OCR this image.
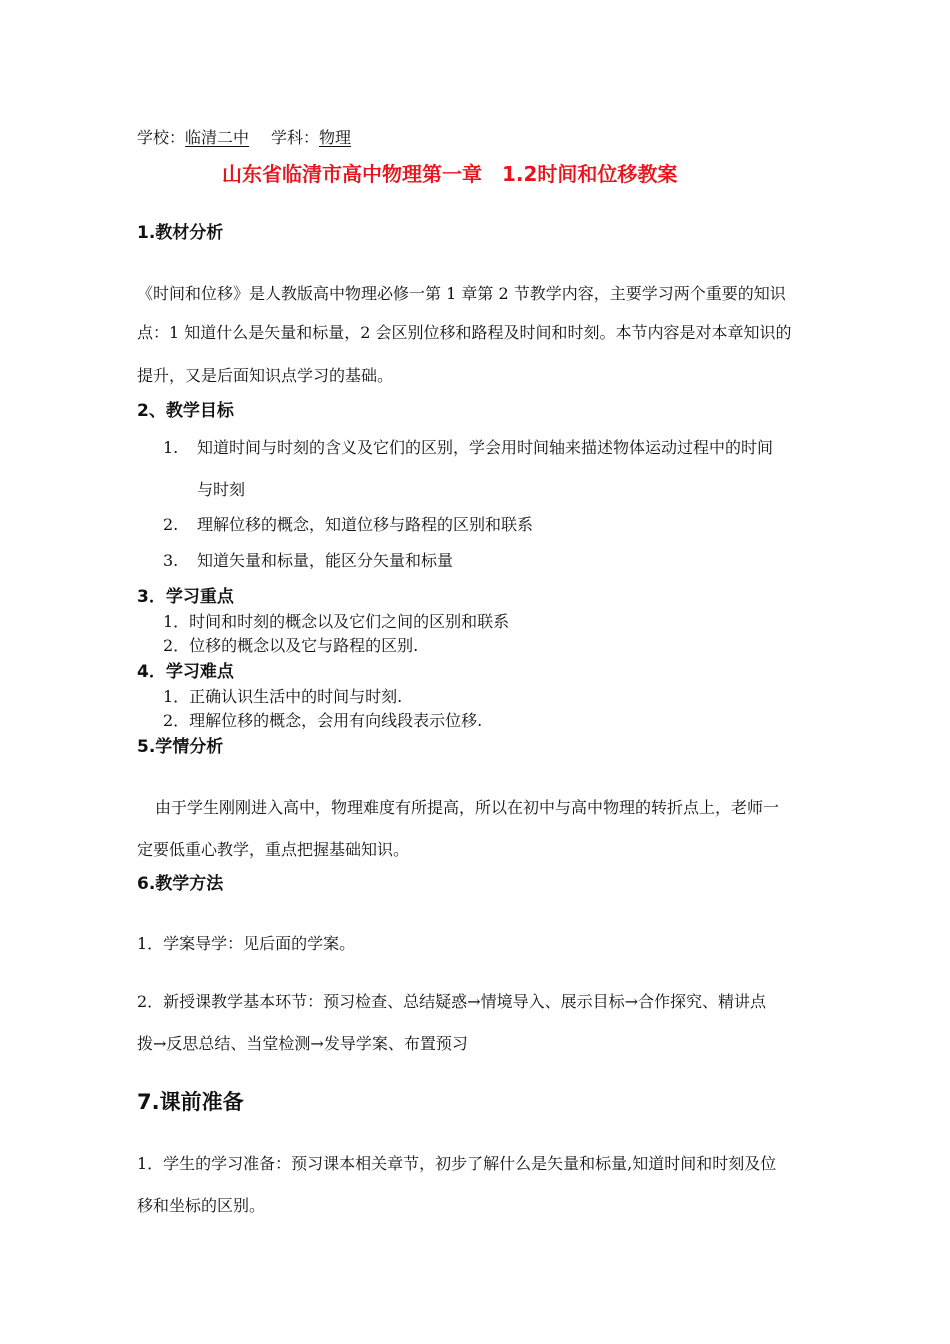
学校：临清二中 学科：物理
山东省临清市高中物理第一章　1.2时间和位移教案
1.教材分析
《时间和位移》是人教版高中物理必修一第 1 章第 2 节教学内容，主要学习两个重要的知识
点：1 知道什么是矢量和标量，2 会区别位移和路程及时间和时刻。本节内容是对本章知识的
提升，又是后面知识点学习的基础。
2、教学目标
1. 知道时间与时刻的含义及它们的区别，学会用时间轴来描述物体运动过程中的时间
与时刻
2. 理解位移的概念，知道位移与路程的区别和联系
3. 知道矢量和标量，能区分矢量和标量
3．学习重点
1．时间和时刻的概念以及它们之间的区别和联系
2．位移的概念以及它与路程的区别.
4．学习难点
1．正确认识生活中的时间与时刻.
2．理解位移的概念，会用有向线段表示位移.
5.学情分析
由于学生刚刚进入高中，物理难度有所提高，所以在初中与高中物理的转折点上，老师一
定要低重心教学，重点把握基础知识。
6.教学方法
1．学案导学：见后面的学案。
2．新授课教学基本环节：预习检查、总结疑惑→情境导入、展示目标→合作探究、精讲点
拨→反思总结、当堂检测→发导学案、布置预习
7.课前准备
1．学生的学习准备：预习课本相关章节，初步了解什么是矢量和标量,知道时间和时刻及位
移和坐标的区别。
